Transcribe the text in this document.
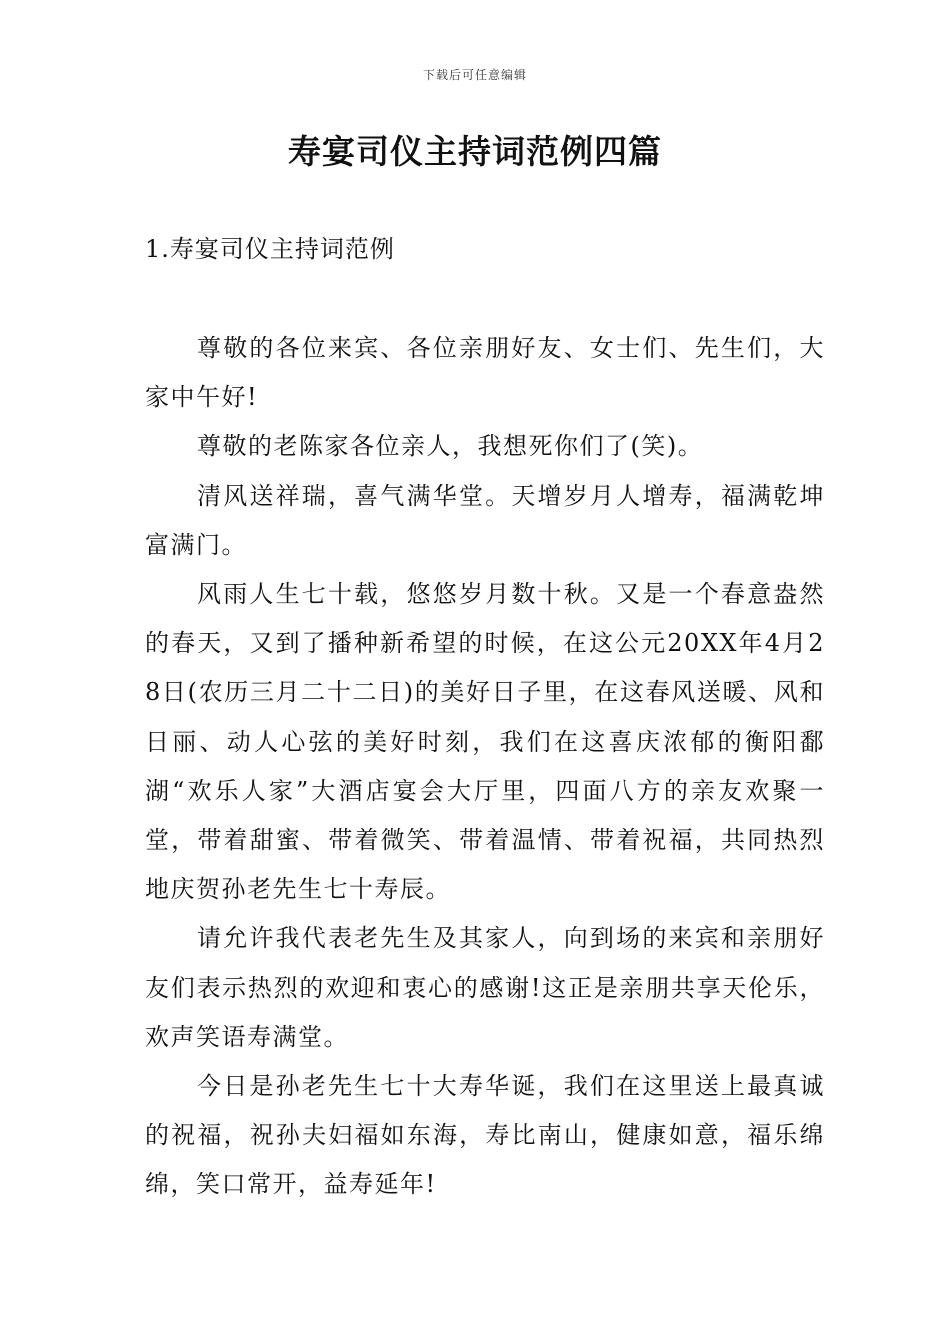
下载后可任意编辑
寿宴司仪主持词范例四篇
1.寿宴司仪主持词范例

尊敬的各位来宾、各位亲朋好友、女士们、先生们，大家中午好!

尊敬的老陈家各位亲人，我想死你们了(笑)。

清风送祥瑞，喜气满华堂。天增岁月人增寿，福满乾坤富满门。

风雨人生七十载，悠悠岁月数十秋。又是一个春意盎然的春天，又到了播种新希望的时候，在这公元20XX年4月28日(农历三月二十二日)的美好日子里，在这春风送暖、风和日丽、动人心弦的美好时刻，我们在这喜庆浓郁的衡阳鄱湖“欢乐人家”大酒店宴会大厅里，四面八方的亲友欢聚一堂，带着甜蜜、带着微笑、带着温情、带着祝福，共同热烈地庆贺孙老先生七十寿辰。

请允许我代表老先生及其家人，向到场的来宾和亲朋好友们表示热烈的欢迎和衷心的感谢!这正是亲朋共享天伦乐，欢声笑语寿满堂。

今日是孙老先生七十大寿华诞，我们在这里送上最真诚的祝福，祝孙夫妇福如东海，寿比南山，健康如意，福乐绵绵，笑口常开，益寿延年!
